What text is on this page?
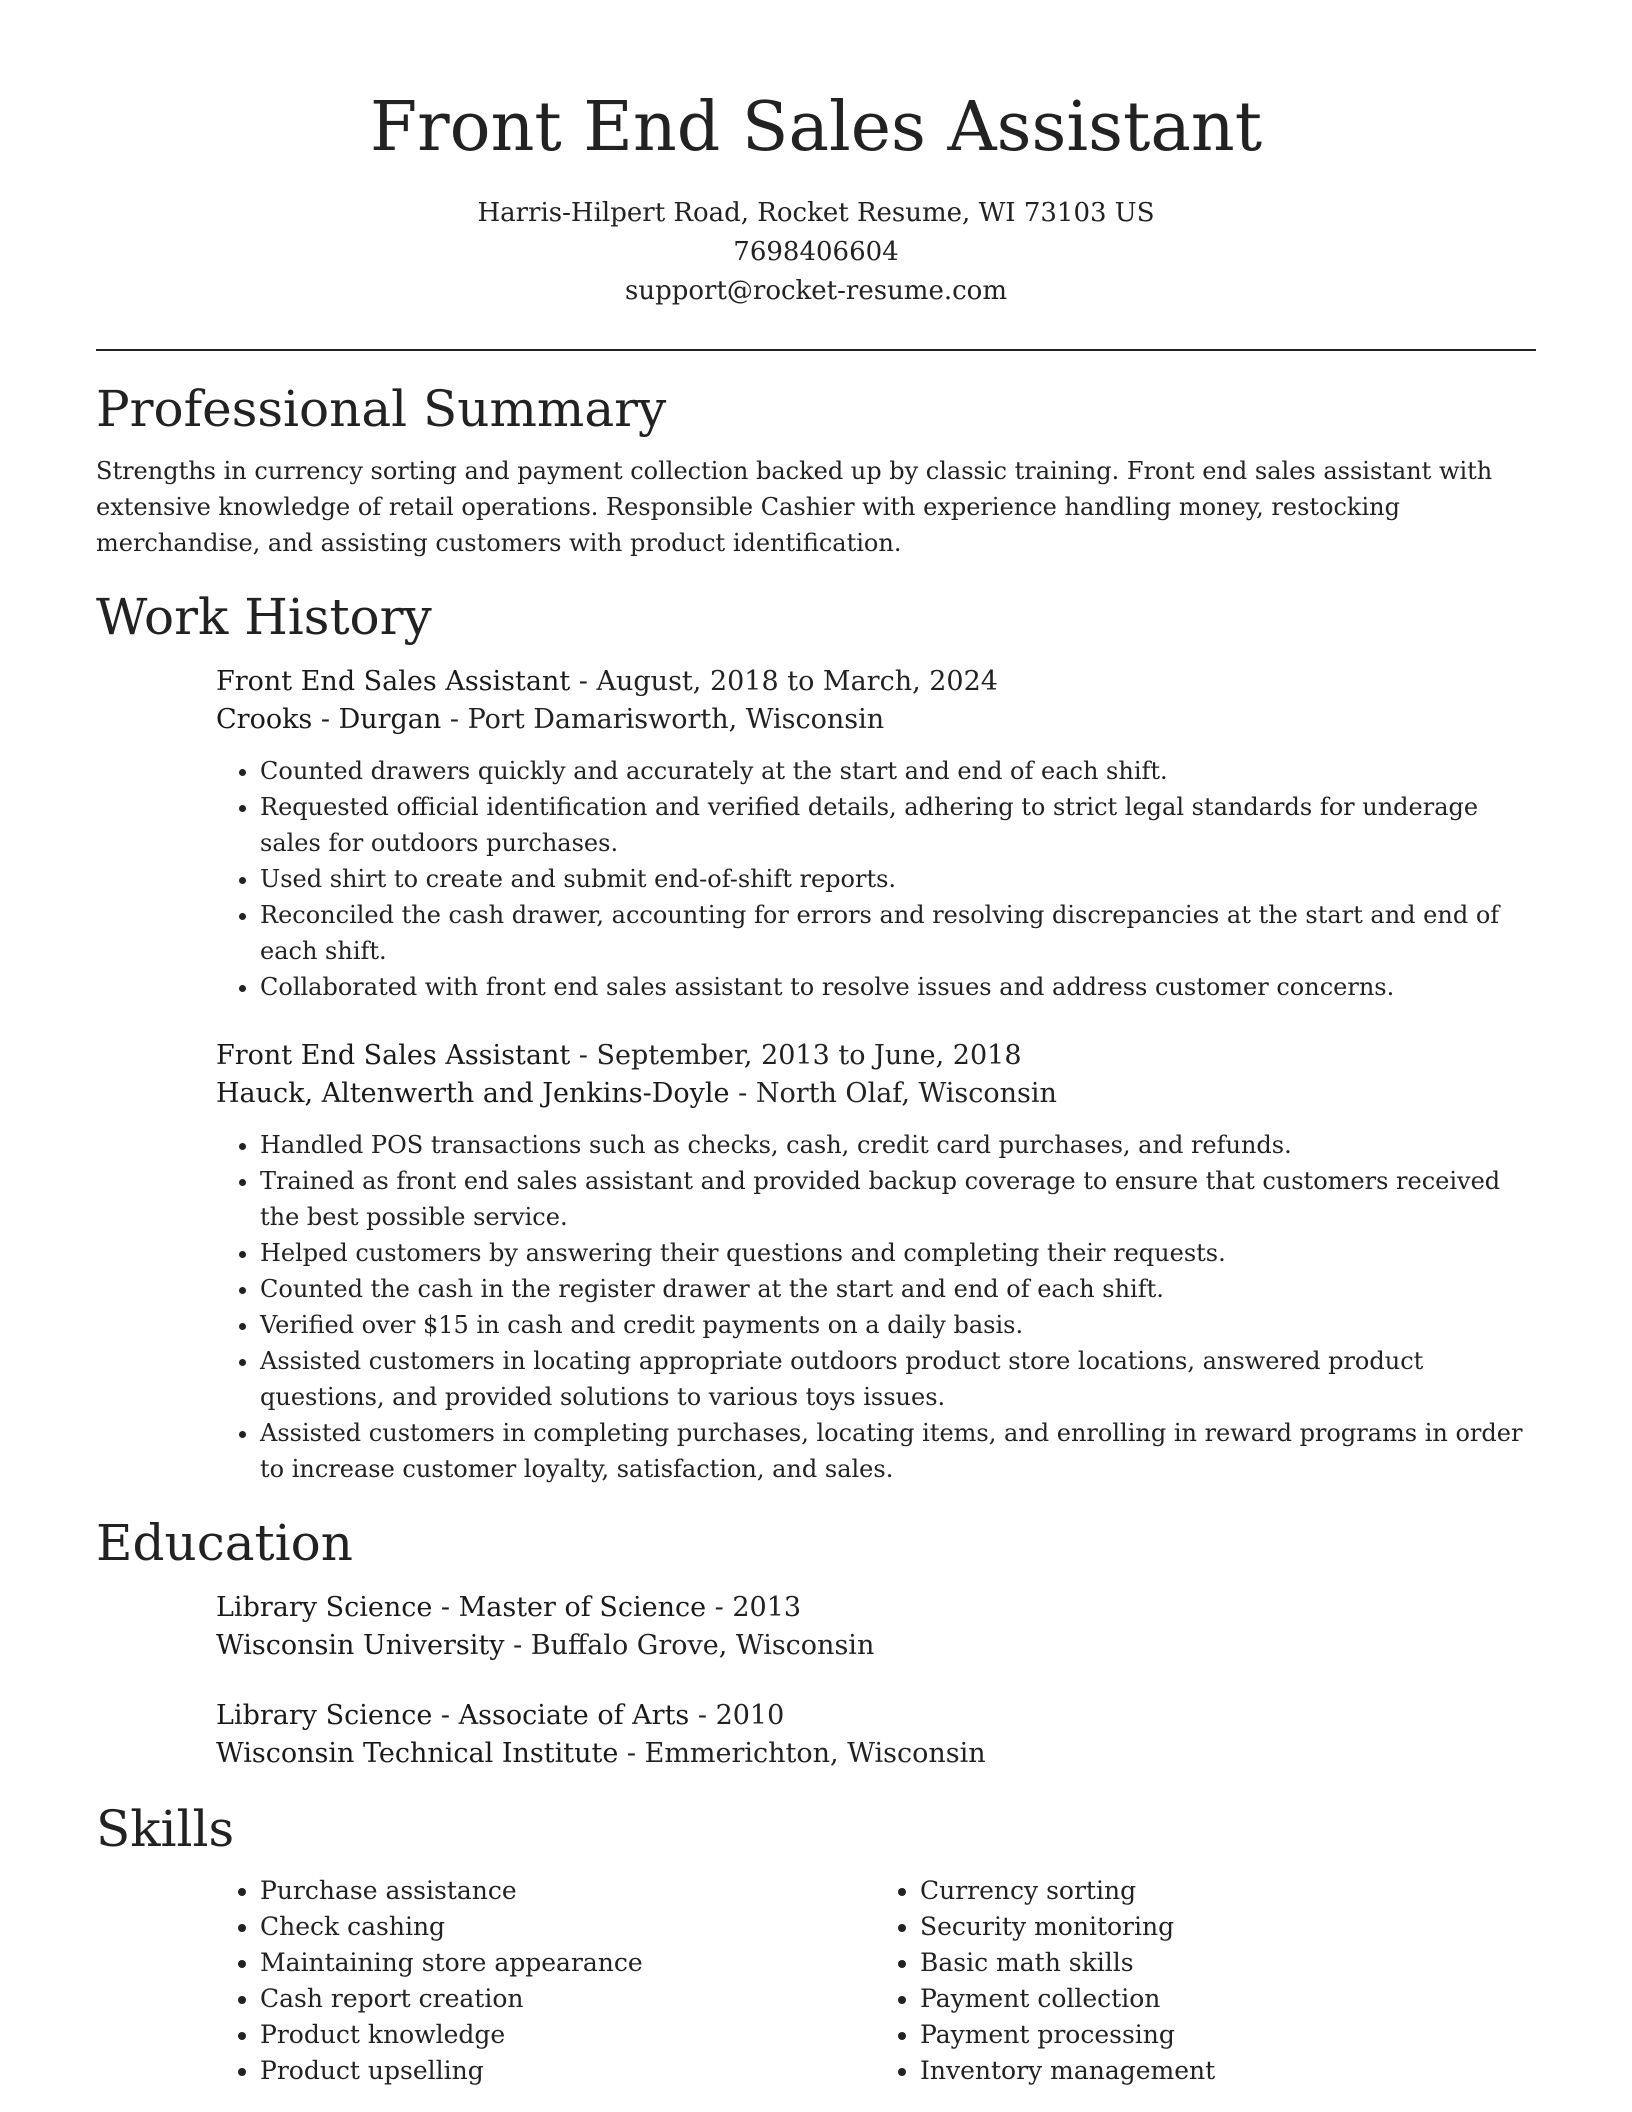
Front End Sales Assistant

Harris-Hilpert Road, Rocket Resume, WI 73103 US

7698406604

support@rocket-resume.com

Professional Summary

Strengths in currency sorting and payment collection backed up by classic training. Front end sales assistant with extensive knowledge of retail operations. Responsible Cashier with experience handling money, restocking merchandise, and assisting customers with product identification.

Work History

Front End Sales Assistant - August, 2018 to March, 2024

Crooks - Durgan - Port Damarisworth, Wisconsin

• Counted drawers quickly and accurately at the start and end of each shift.
• Requested official identification and verified details, adhering to strict legal standards for underage sales for outdoors purchases.
• Used shirt to create and submit end-of-shift reports.
• Reconciled the cash drawer, accounting for errors and resolving discrepancies at the start and end of each shift.
• Collaborated with front end sales assistant to resolve issues and address customer concerns.

Front End Sales Assistant - September, 2013 to June, 2018

Hauck, Altenwerth and Jenkins-Doyle - North Olaf, Wisconsin

• Handled POS transactions such as checks, cash, credit card purchases, and refunds.
• Trained as front end sales assistant and provided backup coverage to ensure that customers received the best possible service.
• Helped customers by answering their questions and completing their requests.
• Counted the cash in the register drawer at the start and end of each shift.
• Verified over $15 in cash and credit payments on a daily basis.
• Assisted customers in locating appropriate outdoors product store locations, answered product questions, and provided solutions to various toys issues.
• Assisted customers in completing purchases, locating items, and enrolling in reward programs in order to increase customer loyalty, satisfaction, and sales.
Education

Library Science - Master of Science - 2013

Wisconsin University - Buffalo Grove, Wisconsin

Library Science - Associate of Arts - 2010

Wisconsin Technical Institute - Emmerichton, Wisconsin

Skills
• Purchase assistance
• Check cashing
• Maintaining store appearance
• Cash report creation
• Product knowledge
• Product upselling
• Currency sorting
• Security monitoring
• Basic math skills
• Payment collection
• Payment processing
• Inventory management
